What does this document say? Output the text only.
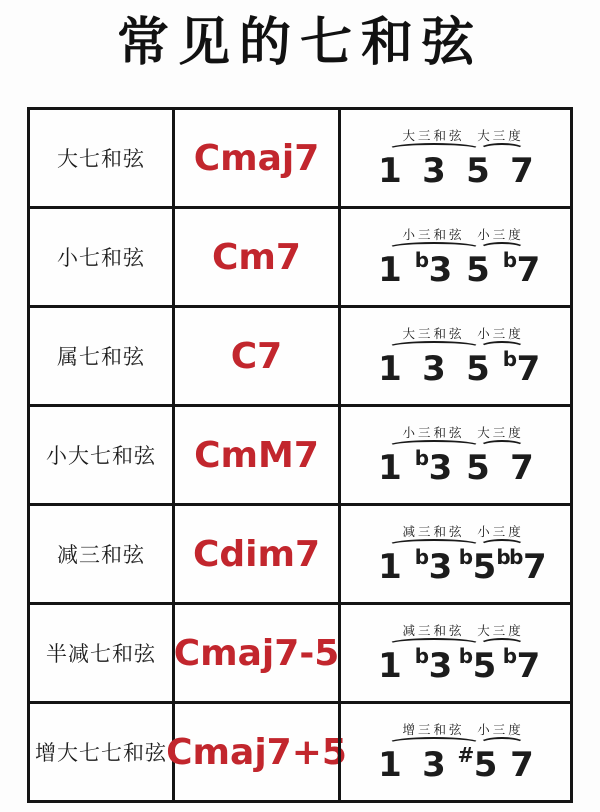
常见的七和弦
大七和弦 Cmaj7
大三和弦 大三度
1 3 5 7
小七和弦 Cm7
小三和弦 小三度
1 b 3 5 b 7
属七和弦 C7
大三和弦 小三度
1 3 5 b 7
小大七和弦 CmM7
小三和弦 大三度
1 b 3 5 7
减三和弦 Cdim7
减三和弦 小三度
1 b 3 b 5 bb 7
半减七和弦 Cmaj7-5
减三和弦 大三度
1 b 3 b 5 b 7
增大七七和弦 Cmaj7+5
增三和弦 小三度
1 3 # 5 7
